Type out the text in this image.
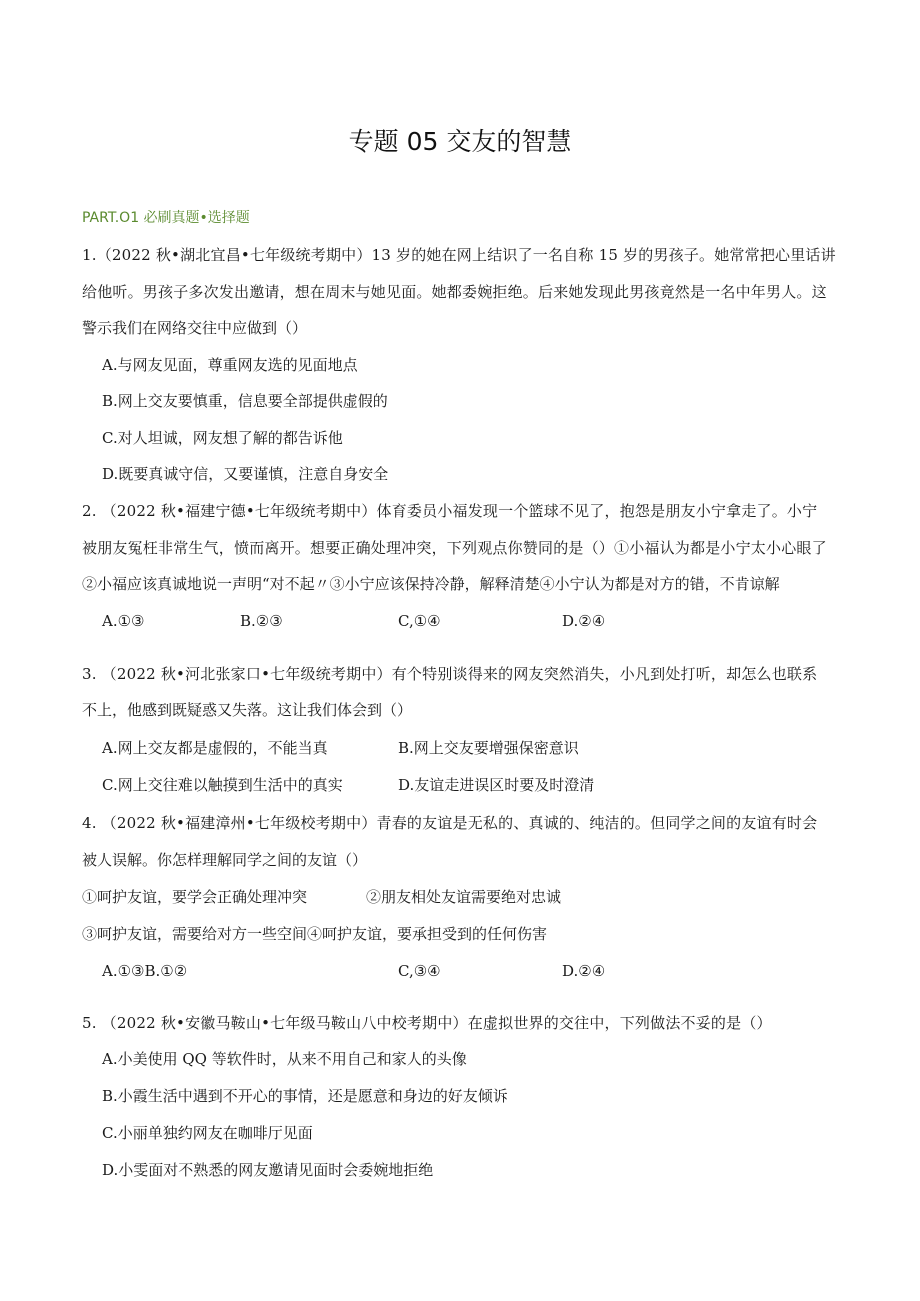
专题 05 交友的智慧
PART.O1 必刷真题•选择题
1.（2022 秋•湖北宜昌•七年级统考期中）13 岁的她在网上结识了一名自称 15 岁的男孩子。她常常把心里话讲
给他听。男孩子多次发出邀请，想在周末与她见面。她都委婉拒绝。后来她发现此男孩竟然是一名中年男人。这
警示我们在网络交往中应做到（）
A.与网友见面，尊重网友选的见面地点
B.网上交友要慎重，信息要全部提供虚假的
C.对人坦诚，网友想了解的都告诉他
D.既要真诚守信，又要谨慎，注意自身安全
2. （2022 秋•福建宁德•七年级统考期中）体育委员小福发现一个篮球不见了，抱怨是朋友小宁拿走了。小宁
被朋友冤枉非常生气，愤而离开。想要正确处理冲突，下列观点你赞同的是（）①小福认为都是小宁太小心眼了
②小福应该真诚地说一声明“对不起〃③小宁应该保持冷静，解释清楚④小宁认为都是对方的错，不肯谅解
A.①③	B.②③	C,①④	D.②④
3. （2022 秋•河北张家口•七年级统考期中）有个特别谈得来的网友突然消失，小凡到处打听，却怎么也联系
不上，他感到既疑惑又失落。这让我们体会到（）
A.网上交友都是虚假的，不能当真	B.网上交友要增强保密意识
C.网上交往难以触摸到生活中的真实	D.友谊走进误区时要及时澄清
4. （2022 秋•福建漳州•七年级校考期中）青春的友谊是无私的、真诚的、纯洁的。但同学之间的友谊有时会
被人误解。你怎样理解同学之间的友谊（）
①呵护友谊，要学会正确处理冲突	②朋友相处友谊需要绝对忠诚
③呵护友谊，需要给对方一些空间④呵护友谊，要承担受到的任何伤害
A.①③B.①②	C,③④	D.②④
5. （2022 秋•安徽马鞍山•七年级马鞍山八中校考期中）在虚拟世界的交往中，下列做法不妥的是（）
A.小美使用 QQ 等软件时，从来不用自己和家人的头像
B.小霞生活中遇到不开心的事情，还是愿意和身边的好友倾诉
C.小丽单独约网友在咖啡厅见面
D.小雯面对不熟悉的网友邀请见面时会委婉地拒绝
